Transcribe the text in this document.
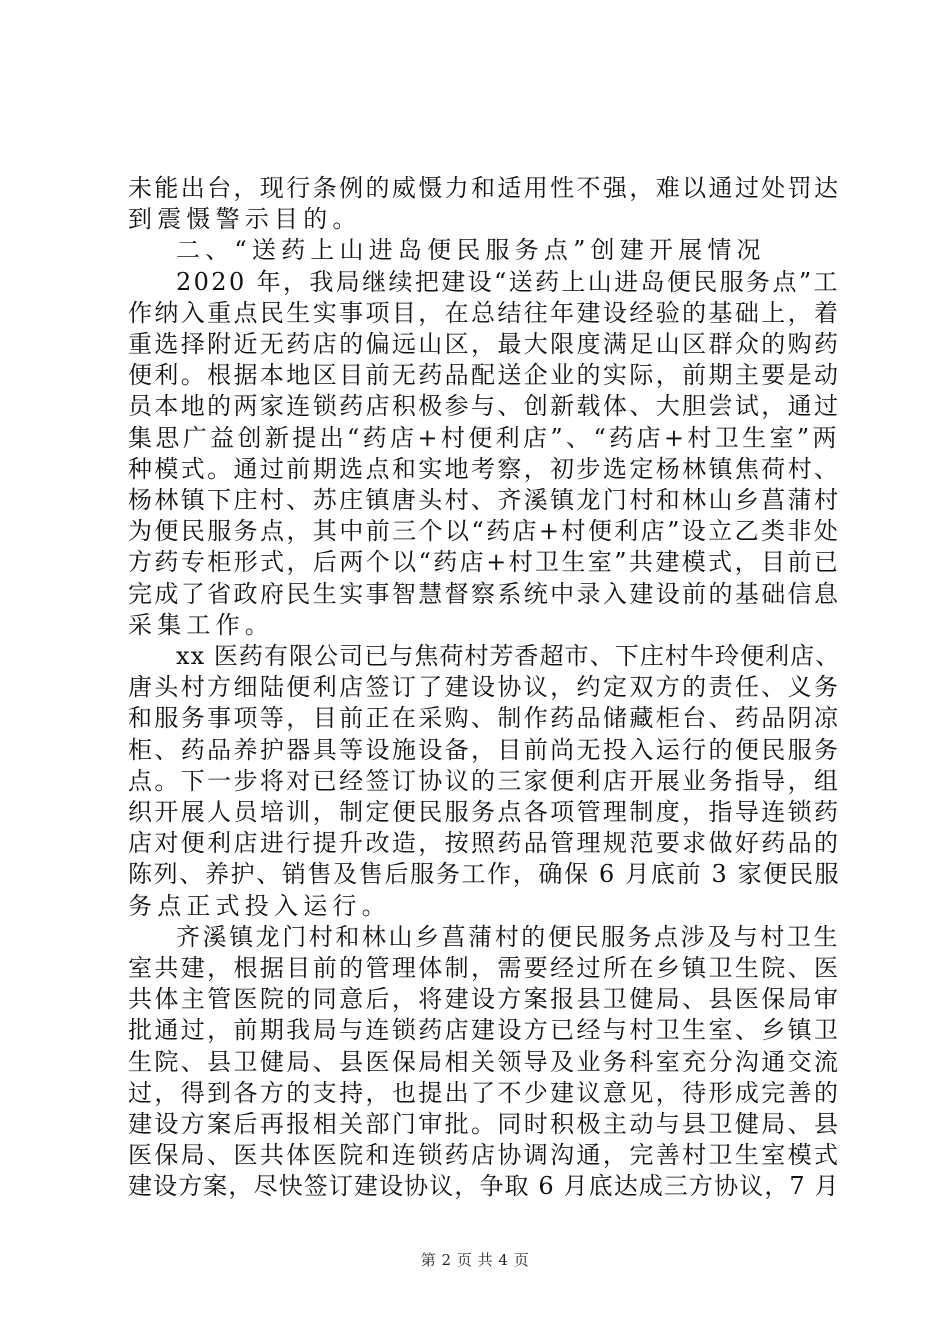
未能出台，现行条例的威慑力和适用性不强，难以通过处罚达
到震慑警示目的。
二、“送药上山进岛便民服务点”创建开展情况
2020 年，我局继续把建设“送药上山进岛便民服务点”工
作纳入重点民生实事项目，在总结往年建设经验的基础上，着
重选择附近无药店的偏远山区，最大限度满足山区群众的购药
便利。根据本地区目前无药品配送企业的实际，前期主要是动
员本地的两家连锁药店积极参与、创新载体、大胆尝试，通过
集思广益创新提出“药店+村便利店”、“药店+村卫生室”两
种模式。通过前期选点和实地考察，初步选定杨林镇焦荷村、
杨林镇下庄村、苏庄镇唐头村、齐溪镇龙门村和林山乡菖蒲村
为便民服务点，其中前三个以“药店+村便利店”设立乙类非处
方药专柜形式，后两个以“药店+村卫生室”共建模式，目前已
完成了省政府民生实事智慧督察系统中录入建设前的基础信息
采集工作。
xx 医药有限公司已与焦荷村芳香超市、下庄村牛玲便利店、
唐头村方细陆便利店签订了建设协议，约定双方的责任、义务
和服务事项等，目前正在采购、制作药品储藏柜台、药品阴凉
柜、药品养护器具等设施设备，目前尚无投入运行的便民服务
点。下一步将对已经签订协议的三家便利店开展业务指导，组
织开展人员培训，制定便民服务点各项管理制度，指导连锁药
店对便利店进行提升改造，按照药品管理规范要求做好药品的
陈列、养护、销售及售后服务工作，确保 6 月底前 3 家便民服
务点正式投入运行。
齐溪镇龙门村和林山乡菖蒲村的便民服务点涉及与村卫生
室共建，根据目前的管理体制，需要经过所在乡镇卫生院、医
共体主管医院的同意后，将建设方案报县卫健局、县医保局审
批通过，前期我局与连锁药店建设方已经与村卫生室、乡镇卫
生院、县卫健局、县医保局相关领导及业务科室充分沟通交流
过，得到各方的支持，也提出了不少建议意见，待形成完善的
建设方案后再报相关部门审批。同时积极主动与县卫健局、县
医保局、医共体医院和连锁药店协调沟通，完善村卫生室模式
建设方案，尽快签订建设协议，争取 6 月底达成三方协议，7 月
第 2 页 共 4 页
